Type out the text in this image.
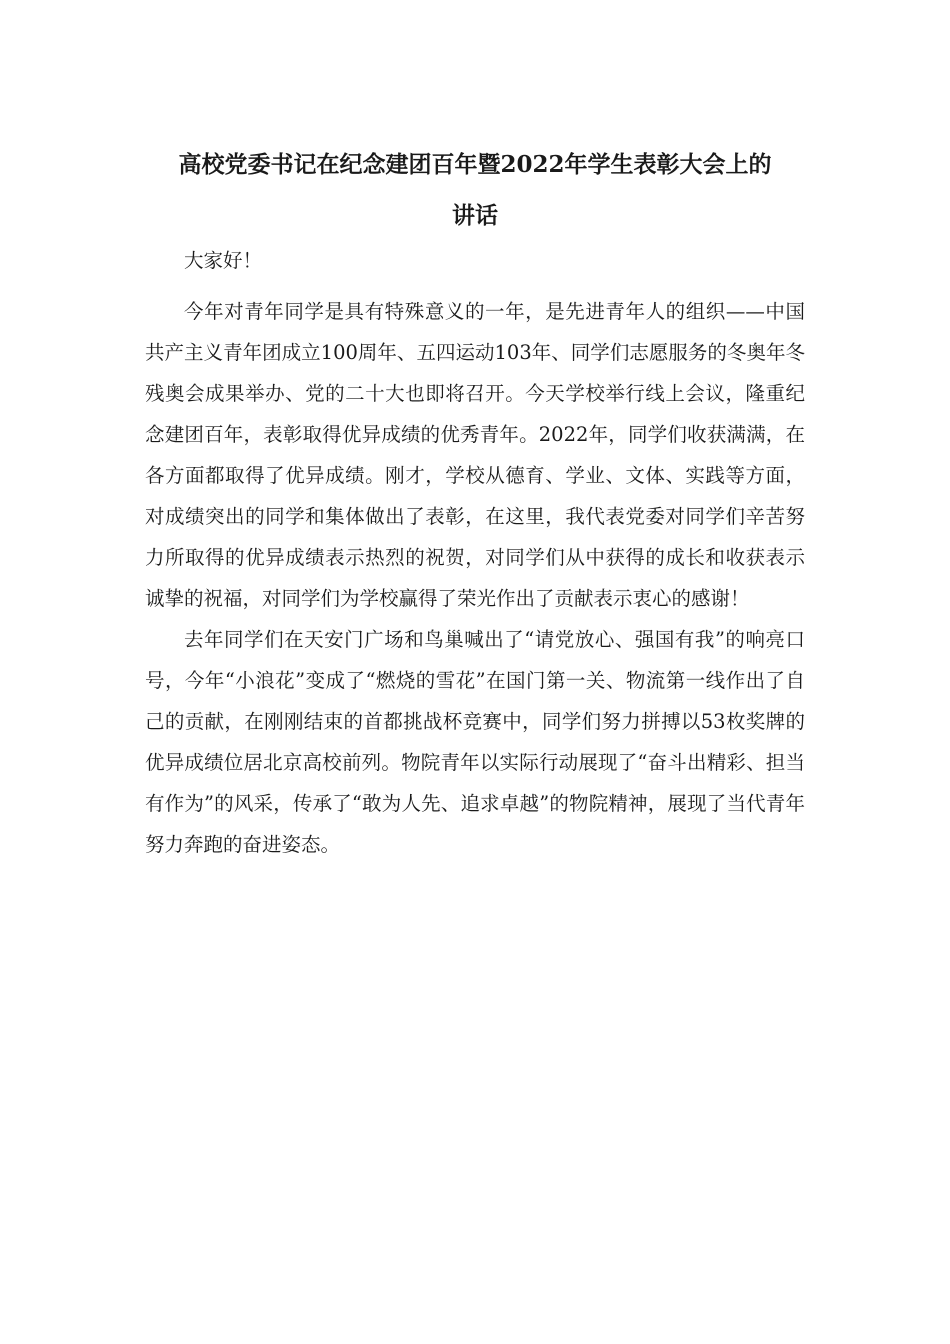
高校党委书记在纪念建团百年暨2022年学生表彰大会上的
讲话

大家好！

今年对青年同学是具有特殊意义的一年，是先进青年人的组织——中国共产主义青年团成立100周年、五四运动103年、同学们志愿服务的冬奥年冬残奥会成果举办、党的二十大也即将召开。今天学校举行线上会议，隆重纪念建团百年，表彰取得优异成绩的优秀青年。2022年，同学们收获满满，在各方面都取得了优异成绩。刚才，学校从德育、学业、文体、实践等方面，对成绩突出的同学和集体做出了表彰，在这里，我代表党委对同学们辛苦努力所取得的优异成绩表示热烈的祝贺，对同学们从中获得的成长和收获表示诚挚的祝福，对同学们为学校赢得了荣光作出了贡献表示衷心的感谢！

去年同学们在天安门广场和鸟巢喊出了“请党放心、强国有我”的响亮口号，今年“小浪花”变成了“燃烧的雪花”在国门第一关、物流第一线作出了自己的贡献，在刚刚结束的首都挑战杯竞赛中，同学们努力拼搏以53枚奖牌的优异成绩位居北京高校前列。物院青年以实际行动展现了“奋斗出精彩、担当有作为”的风采，传承了“敢为人先、追求卓越”的物院精神，展现了当代青年努力奔跑的奋进姿态。
